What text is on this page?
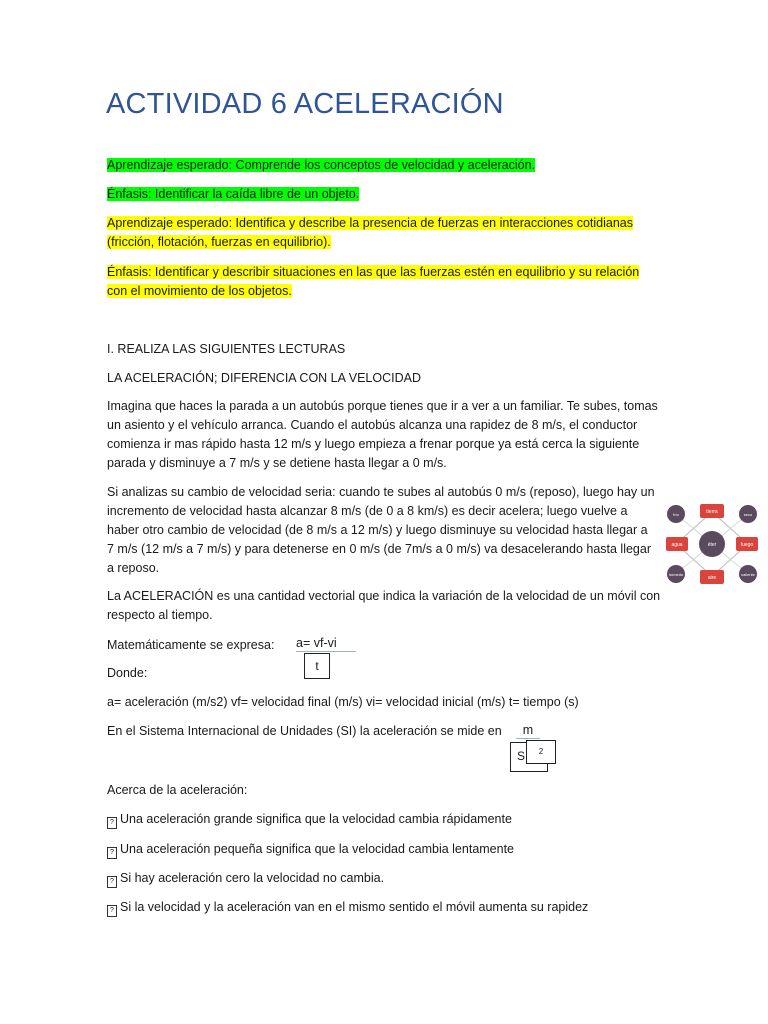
ACTIVIDAD 6 ACELERACIÓN
Aprendizaje esperado: Comprende los conceptos de velocidad y aceleración.
Énfasis: Identificar la caída libre de un objeto.
Aprendizaje esperado: Identifica y describe la presencia de fuerzas en interacciones cotidianas
(fricción, flotación, fuerzas en equilibrio).
Énfasis: Identificar y describir situaciones en las que las fuerzas estén en equilibrio y su relación
con el movimiento de los objetos.
I. REALIZA LAS SIGUIENTES LECTURAS
LA ACELERACIÓN; DIFERENCIA CON LA VELOCIDAD
Imagina que haces la parada a un autobús porque tienes que ir a ver a un familiar. Te subes, tomas
un asiento y el vehículo arranca. Cuando el autobús alcanza una rapidez de 8 m/s, el conductor
comienza ir mas rápido hasta 12 m/s y luego empieza a frenar porque ya está cerca la siguiente
parada y disminuye a 7 m/s y se detiene hasta llegar a 0 m/s.
Si analizas su cambio de velocidad seria: cuando te subes al autobús 0 m/s (reposo), luego hay un
incremento de velocidad hasta alcanzar 8 m/s (de 0 a 8 km/s) es decir acelera; luego vuelve a
haber otro cambio de velocidad (de 8 m/s a 12 m/s) y luego disminuye su velocidad hasta llegar a
7 m/s (12 m/s a 7 m/s) y para detenerse en 0 m/s (de 7m/s a 0 m/s) va desacelerando hasta llegar
a reposo.
La ACELERACIÓN es una cantidad vectorial que indica la variación de la velocidad de un móvil con
respecto al tiempo.
Matemáticamente se expresa:	a= vf-vi
t
Donde:
a= aceleración (m/s2) vf= velocidad final (m/s) vi= velocidad inicial (m/s) t= tiempo (s)
En el Sistema Internacional de Unidades (SI) la aceleración se mide en	m
S	2
Acerca de la aceleración:
? Una aceleración grande significa que la velocidad cambia rápidamente
? Una aceleración pequeña significa que la velocidad cambia lentamente
? Si hay aceleración cero la velocidad no cambia.
? Si la velocidad y la aceleración van en el mismo sentido el móvil aumenta su rapidez
éter
tierra
agua	fuego
aire
frío	seco
húmedo	caliente
